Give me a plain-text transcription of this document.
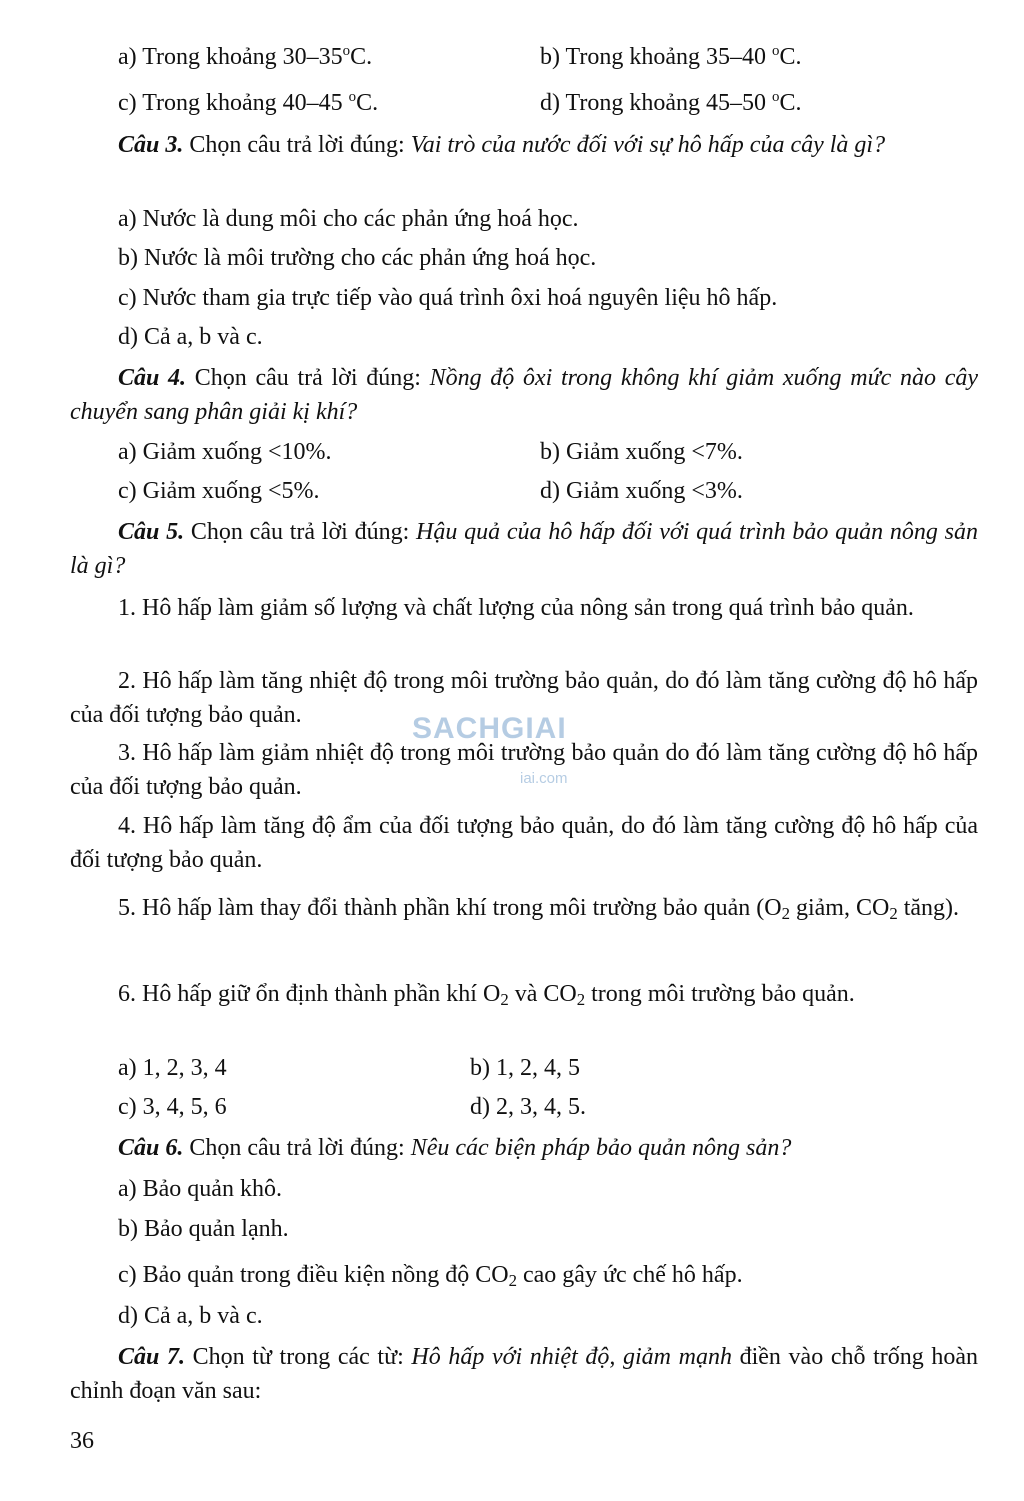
a) Trong khoảng 30–35$^o$C.	b) Trong khoảng 35–40 $^o$C.
c) Trong khoảng 40–45 $^o$C.	d) Trong khoảng 45–50 $^o$C.
Câu 3. Chọn câu trả lời đúng: Vai trò của nước đối với sự hô hấp của cây là gì?
a) Nước là dung môi cho các phản ứng hoá học.
b) Nước là môi trường cho các phản ứng hoá học.
c) Nước tham gia trực tiếp vào quá trình ôxi hoá nguyên liệu hô hấp.
d) Cả a, b và c.
Câu 4. Chọn câu trả lời đúng: Nồng độ ôxi trong không khí giảm xuống mức nào cây chuyển sang phân giải kị khí?
a) Giảm xuống <10%.	b) Giảm xuống <7%.
c) Giảm xuống <5%.	d) Giảm xuống <3%.
Câu 5. Chọn câu trả lời đúng: Hậu quả của hô hấp đối với quá trình bảo quản nông sản là gì?
1. Hô hấp làm giảm số lượng và chất lượng của nông sản trong quá trình bảo quản.
2. Hô hấp làm tăng nhiệt độ trong môi trường bảo quản, do đó làm tăng cường độ hô hấp của đối tượng bảo quản.
3. Hô hấp làm giảm nhiệt độ trong môi trường bảo quản do đó làm tăng cường độ hô hấp của đối tượng bảo quản.
4. Hô hấp làm tăng độ ẩm của đối tượng bảo quản, do đó làm tăng cường độ hô hấp của đối tượng bảo quản.
5. Hô hấp làm thay đổi thành phần khí trong môi trường bảo quản ($O_2$ giảm, $CO_2$ tăng).
6. Hô hấp giữ ổn định thành phần khí $O_2$ và $CO_2$ trong môi trường bảo quản.
a) 1, 2, 3, 4	b) 1, 2, 4, 5
c) 3, 4, 5, 6	d) 2, 3, 4, 5.
Câu 6. Chọn câu trả lời đúng: Nêu các biện pháp bảo quản nông sản?
a) Bảo quản khô.
b) Bảo quản lạnh.
c) Bảo quản trong điều kiện nồng độ $CO_2$ cao gây ức chế hô hấp.
d) Cả a, b và c.
Câu 7. Chọn từ trong các từ: Hô hấp với nhiệt độ, giảm mạnh điền vào chỗ trống hoàn chỉnh đoạn văn sau:
36
SACHGIAI
iai.com
